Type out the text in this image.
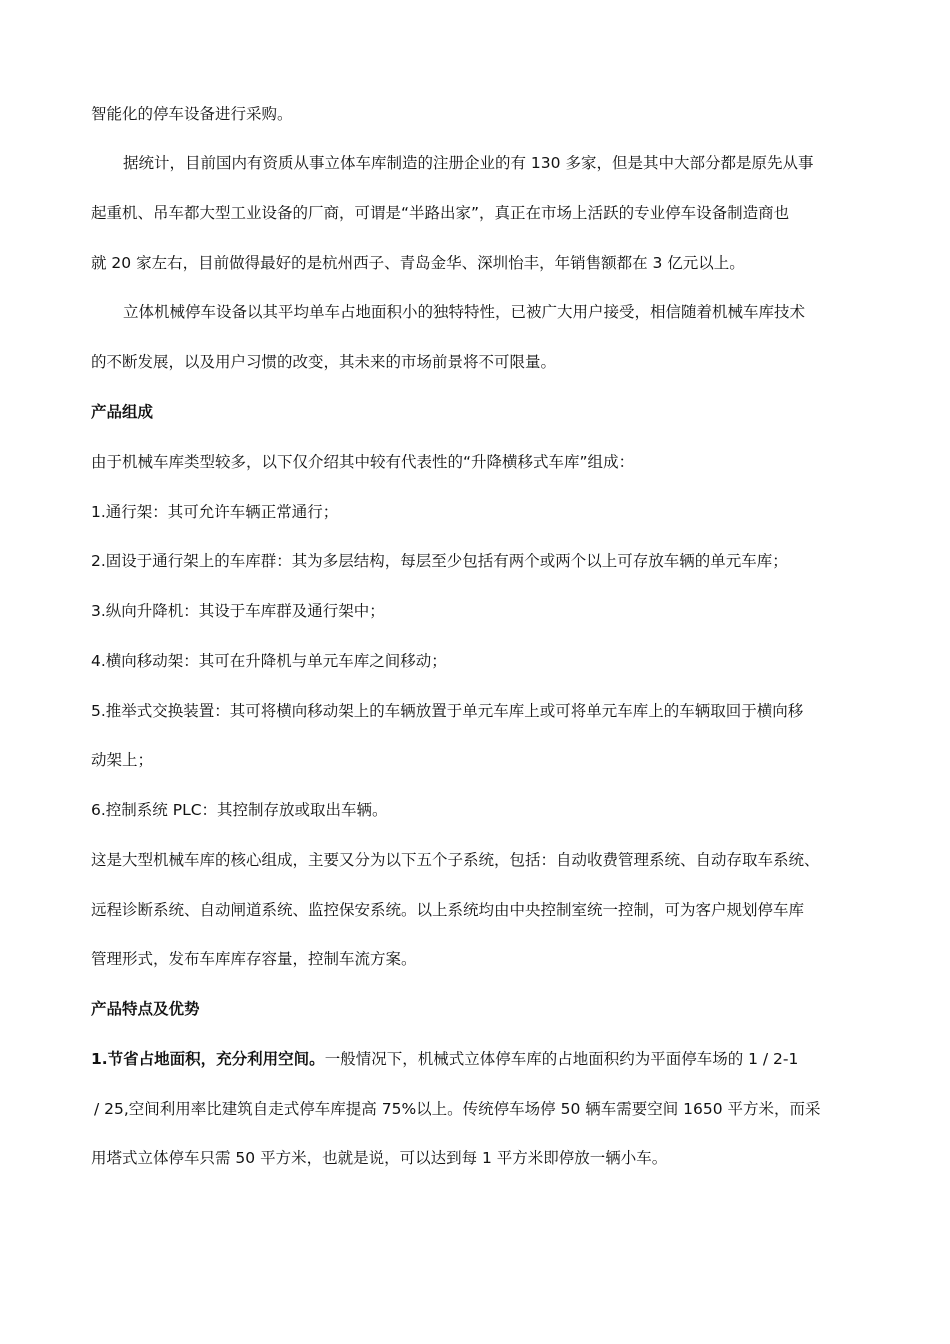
智能化的停车设备进行采购。
据统计，目前国内有资质从事立体车库制造的注册企业的有 130 多家，但是其中大部分都是原先从事
起重机、吊车都大型工业设备的厂商，可谓是“半路出家”，真正在市场上活跃的专业停车设备制造商也
就 20 家左右，目前做得最好的是杭州西子、青岛金华、深圳怡丰，年销售额都在 3 亿元以上。
立体机械停车设备以其平均单车占地面积小的独特特性，已被广大用户接受，相信随着机械车库技术
的不断发展，以及用户习惯的改变，其未来的市场前景将不可限量。
产品组成
由于机械车库类型较多，以下仅介绍其中较有代表性的“升降横移式车库”组成：
1.通行架：其可允许车辆正常通行；
2.固设于通行架上的车库群：其为多层结构，每层至少包括有两个或两个以上可存放车辆的单元车库；
3.纵向升降机：其设于车库群及通行架中；
4.横向移动架：其可在升降机与单元车库之间移动；
5.推举式交换装置：其可将横向移动架上的车辆放置于单元车库上或可将单元车库上的车辆取回于横向移
动架上；
6.控制系统 PLC：其控制存放或取出车辆。
这是大型机械车库的核心组成，主要又分为以下五个子系统，包括：自动收费管理系统、自动存取车系统、
远程诊断系统、自动闸道系统、监控保安系统。以上系统均由中央控制室统一控制，可为客户规划停车库
管理形式，发布车库库存容量，控制车流方案。
产品特点及优势
1.节省占地面积，充分利用空间。一般情况下，机械式立体停车库的占地面积约为平面停车场的 1 / 2-1
/ 25,空间利用率比建筑自走式停车库提高 75%以上。传统停车场停 50 辆车需要空间 1650 平方米，而采
用塔式立体停车只需 50 平方米，也就是说，可以达到每 1 平方米即停放一辆小车。
